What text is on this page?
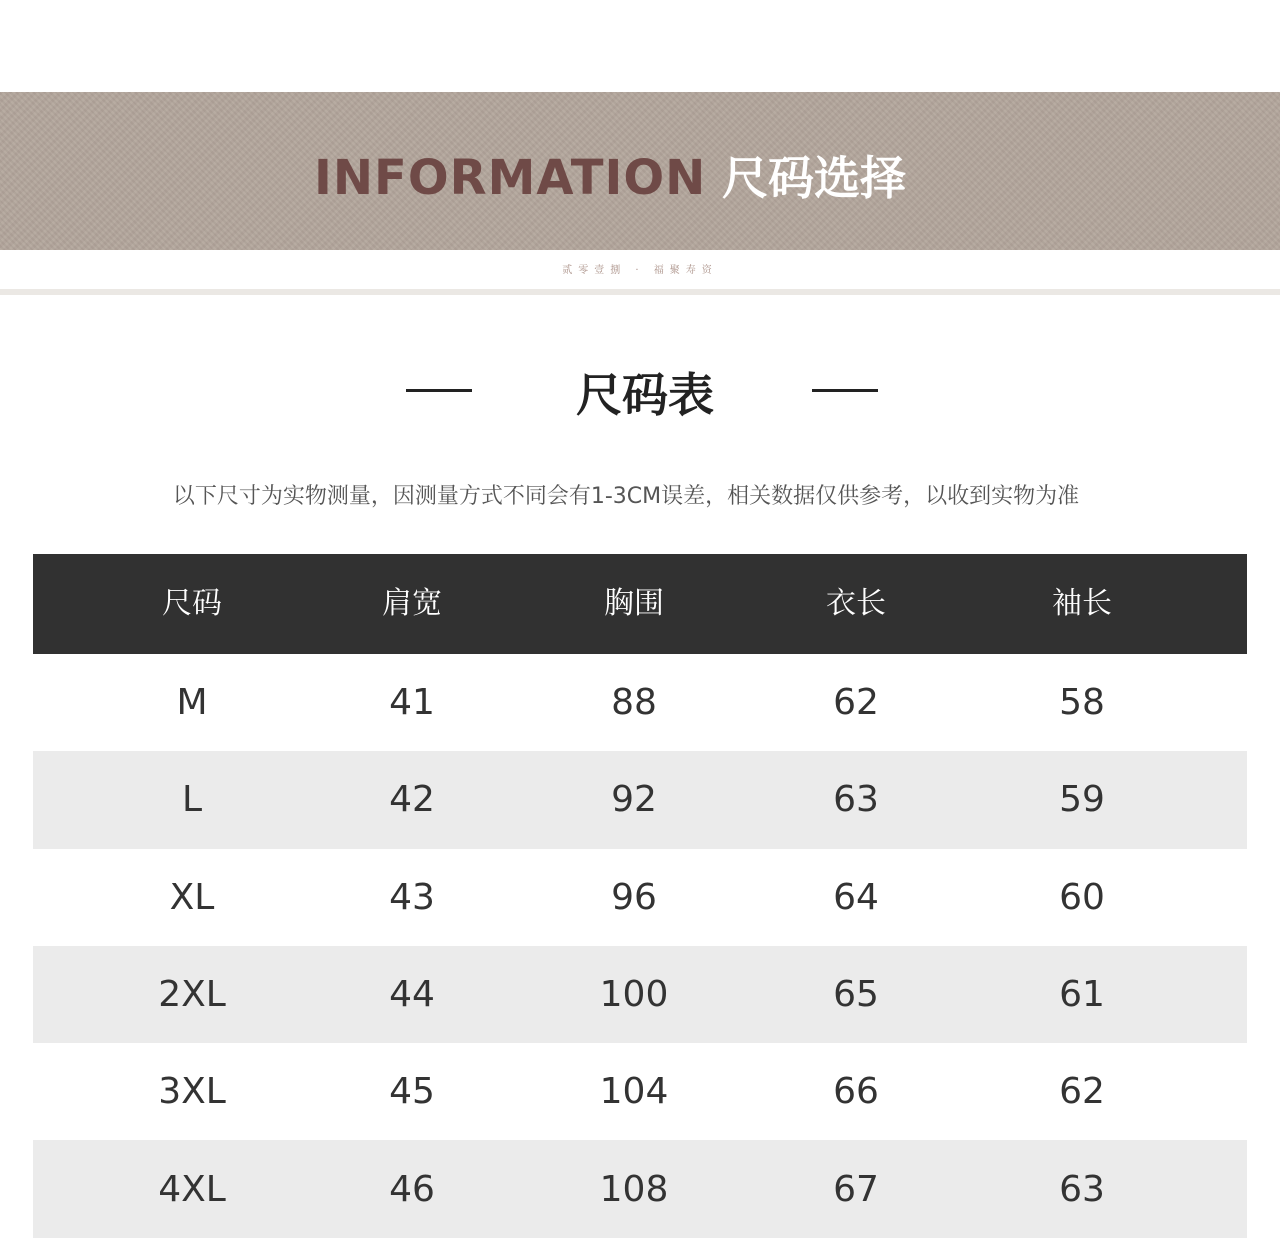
INFORMATION 尺码选择
贰零壹捌 · 福聚寿资
尺码表
以下尺寸为实物测量，因测量方式不同会有1-3CM误差，相关数据仅供参考，以收到实物为准
尺码	肩宽	胸围	衣长	袖长
M	41	88	62	58
L	42	92	63	59
XL	43	96	64	60
2XL	44	100	65	61
3XL	45	104	66	62
4XL	46	108	67	63
